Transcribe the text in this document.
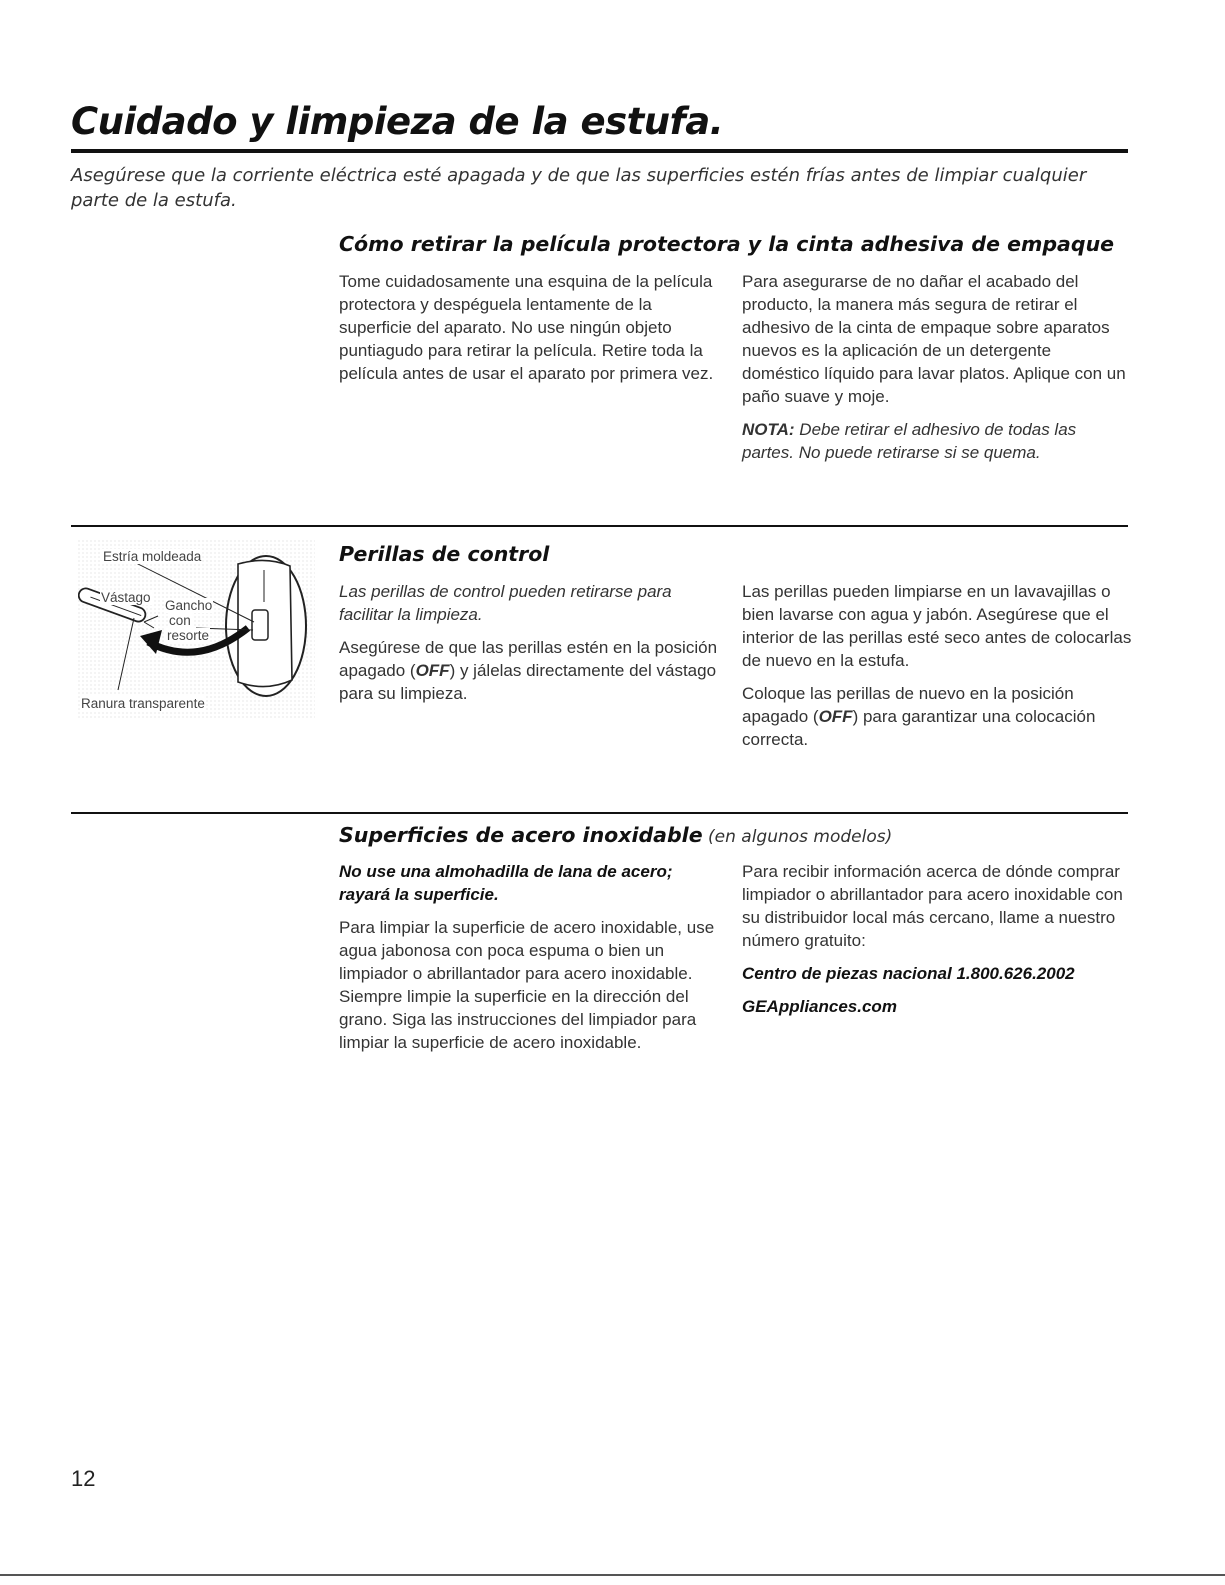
Cuidado y limpieza de la estufa.

Asegúrese que la corriente eléctrica esté apagada y de que las superficies estén frías antes de limpiar cualquier parte de la estufa.

Cómo retirar la película protectora y la cinta adhesiva de empaque

Tome cuidadosamente una esquina de la película protectora y despéguela lentamente de la superficie del aparato. No use ningún objeto puntiagudo para retirar la película. Retire toda la película antes de usar el aparato por primera vez.

Para asegurarse de no dañar el acabado del producto, la manera más segura de retirar el adhesivo de la cinta de empaque sobre aparatos nuevos es la aplicación de un detergente doméstico líquido para lavar platos. Aplique con un paño suave y moje.

NOTA: Debe retirar el adhesivo de todas las partes. No puede retirarse si se quema.

Estría moldeada
Vástago
Gancho
con
resorte
Ranura transparente
Perillas de control

Las perillas de control pueden retirarse para facilitar la limpieza.

Asegúrese de que las perillas estén en la posición apagado (OFF) y jálelas directamente del vástago para su limpieza.

Las perillas pueden limpiarse en un lavavajillas o bien lavarse con agua y jabón. Asegúrese que el interior de las perillas esté seco antes de colocarlas de nuevo en la estufa.

Coloque las perillas de nuevo en la posición apagado (OFF) para garantizar una colocación correcta.

Superficies de acero inoxidable (en algunos modelos)

No use una almohadilla de lana de acero; rayará la superficie.

Para limpiar la superficie de acero inoxidable, use agua jabonosa con poca espuma o bien un limpiador o abrillantador para acero inoxidable. Siempre limpie la superficie en la dirección del grano. Siga las instrucciones del limpiador para limpiar la superficie de acero inoxidable.

Para recibir información acerca de dónde comprar limpiador o abrillantador para acero inoxidable con su distribuidor local más cercano, llame a nuestro número gratuito:

Centro de piezas nacional 1.800.626.2002

GEAppliances.com

12
